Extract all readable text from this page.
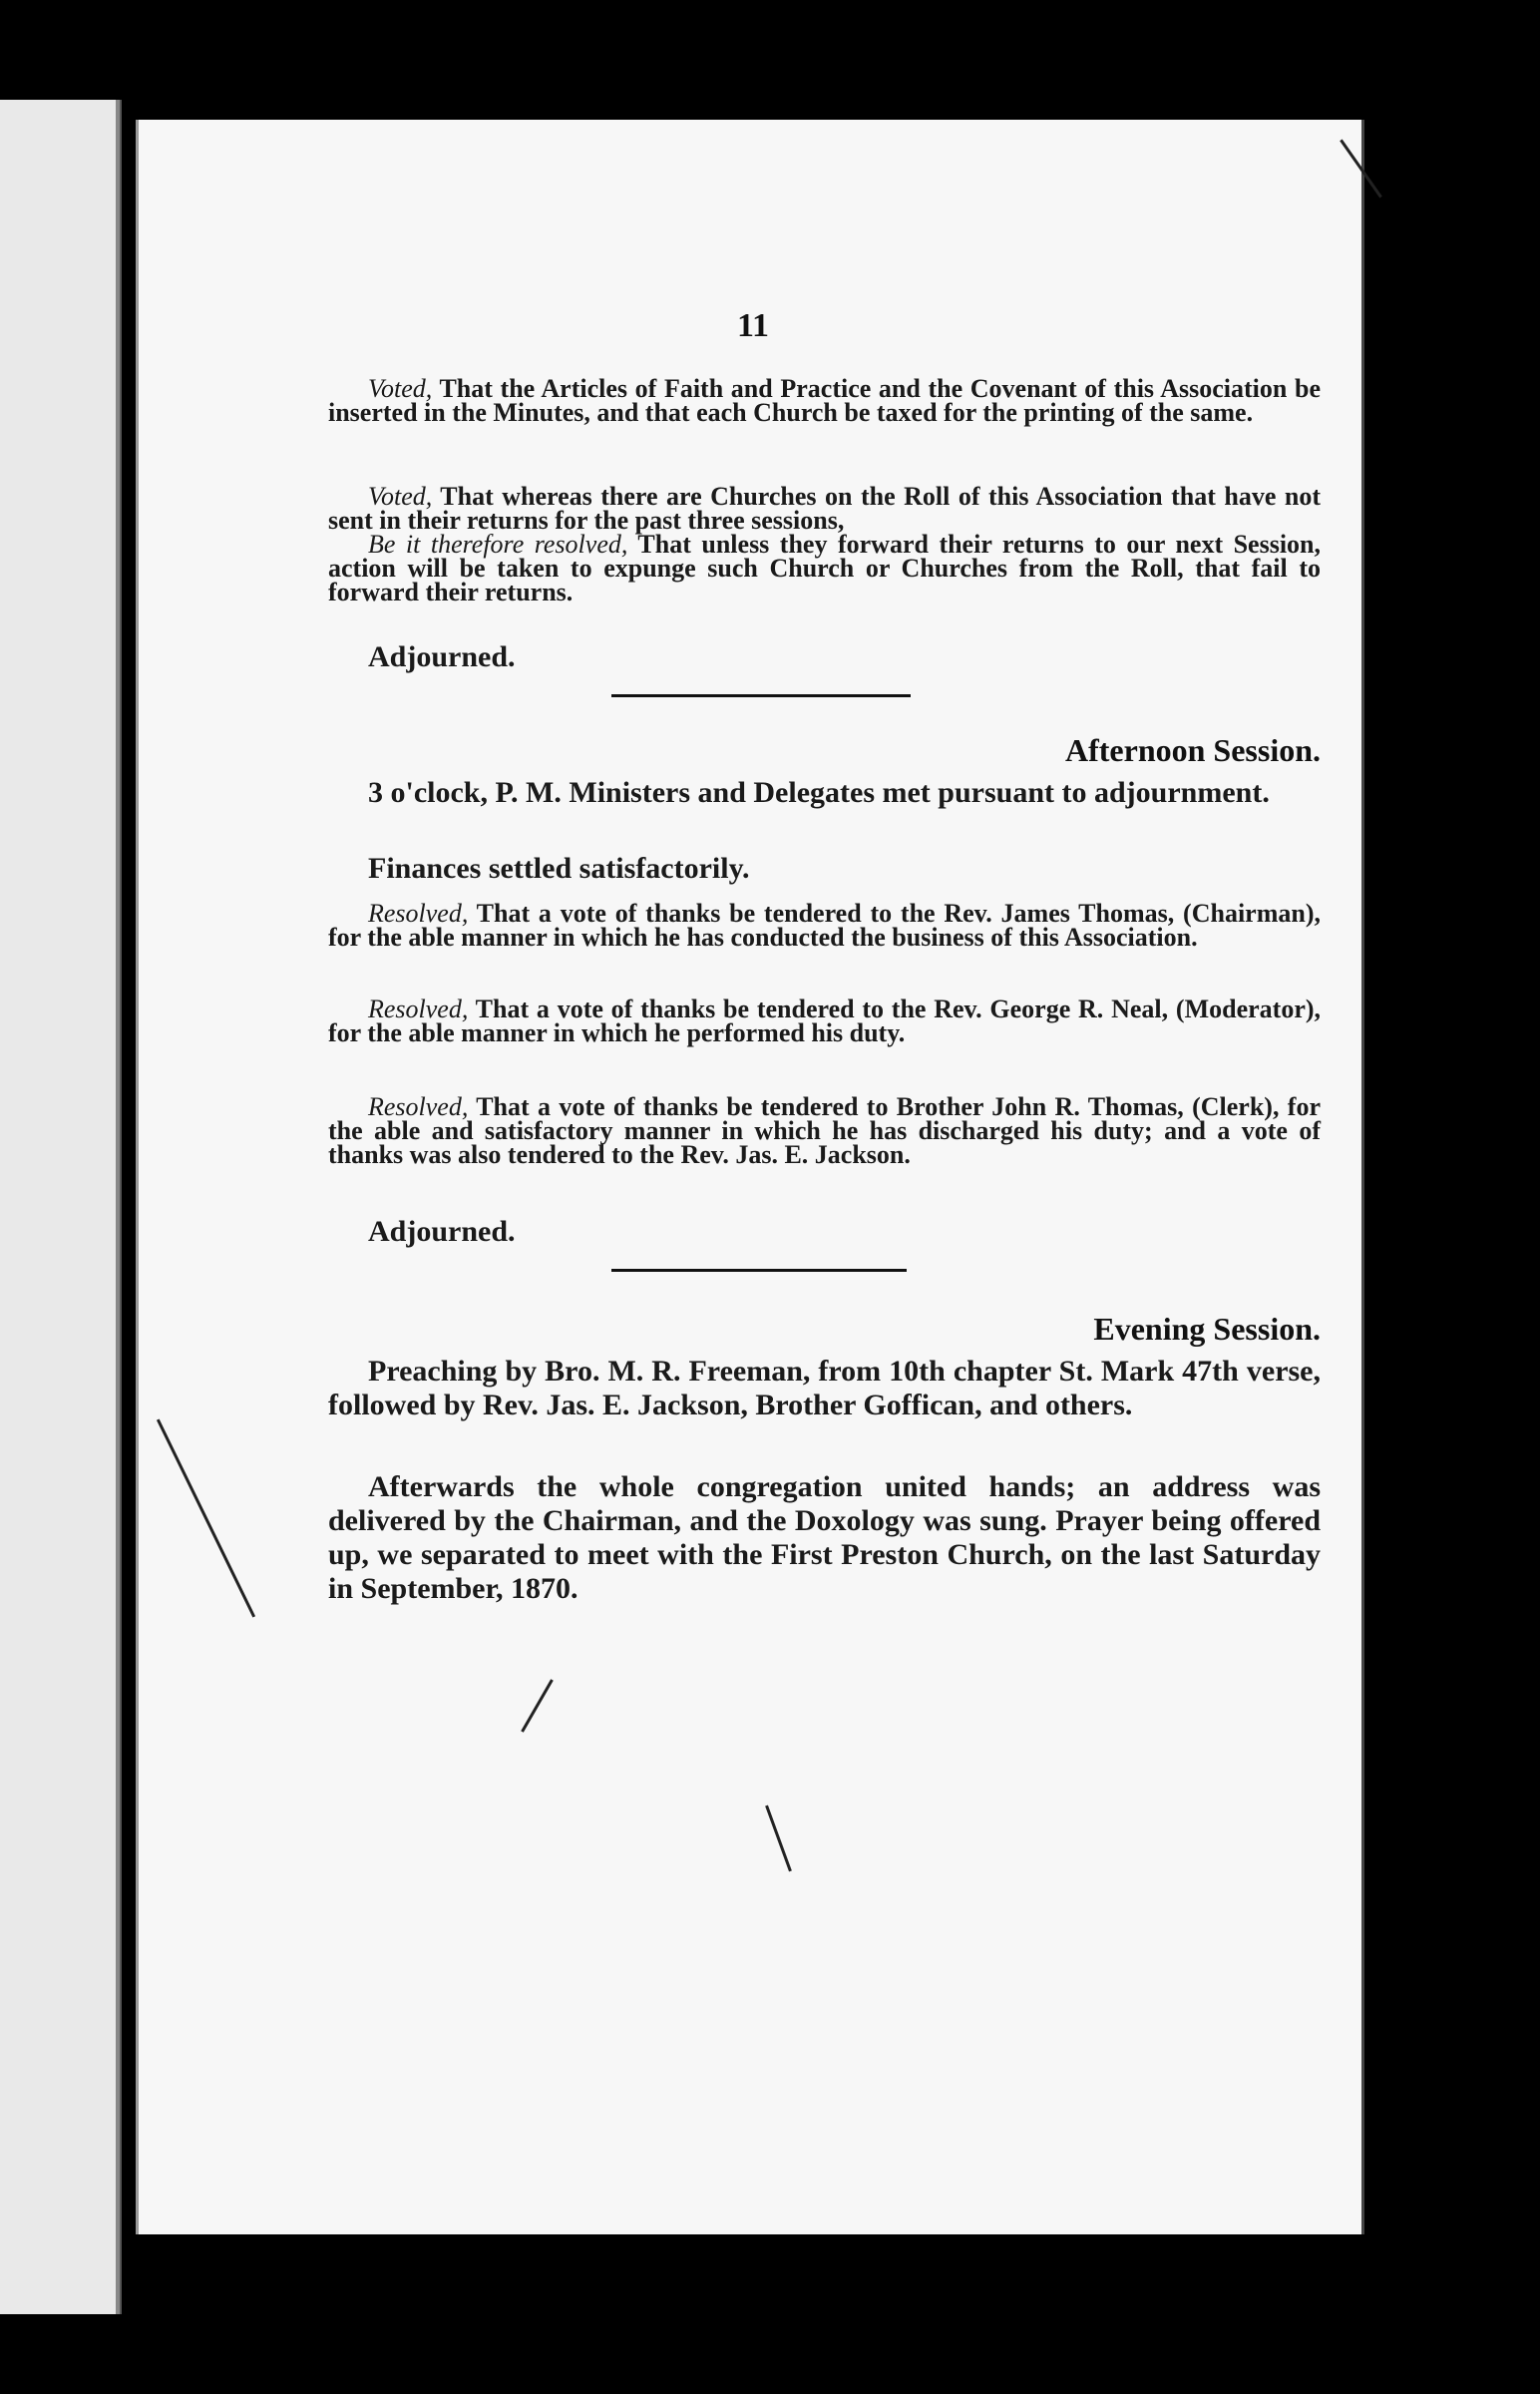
11
Voted, That the Articles of Faith and Practice and the Covenant of this Association be inserted in the Minutes, and that each Church be taxed for the printing of the same.
Voted, That whereas there are Churches on the Roll of this Association that have not sent in their returns for the past three sessions,
Be it therefore resolved, That unless they forward their returns to our next Session, action will be taken to expunge such Church or Churches from the Roll, that fail to forward their returns.
Adjourned.
Afternoon Session.
3 o'clock, P. M. Ministers and Delegates met pursuant to adjournment.
Finances settled satisfactorily.
Resolved, That a vote of thanks be tendered to the Rev. James Thomas, (Chairman), for the able manner in which he has conducted the business of this Association.
Resolved, That a vote of thanks be tendered to the Rev. George R. Neal, (Moderator), for the able manner in which he performed his duty.
Resolved, That a vote of thanks be tendered to Brother John R. Thomas, (Clerk), for the able and satisfactory manner in which he has discharged his duty; and a vote of thanks was also tendered to the Rev. Jas. E. Jackson.
Adjourned.
Evening Session.
Preaching by Bro. M. R. Freeman, from 10th chapter St. Mark 47th verse, followed by Rev. Jas. E. Jackson, Brother Goffican, and others.
Afterwards the whole congregation united hands; an address was delivered by the Chairman, and the Doxology was sung. Prayer being offered up, we separated to meet with the First Preston Church, on the last Saturday in September, 1870.
